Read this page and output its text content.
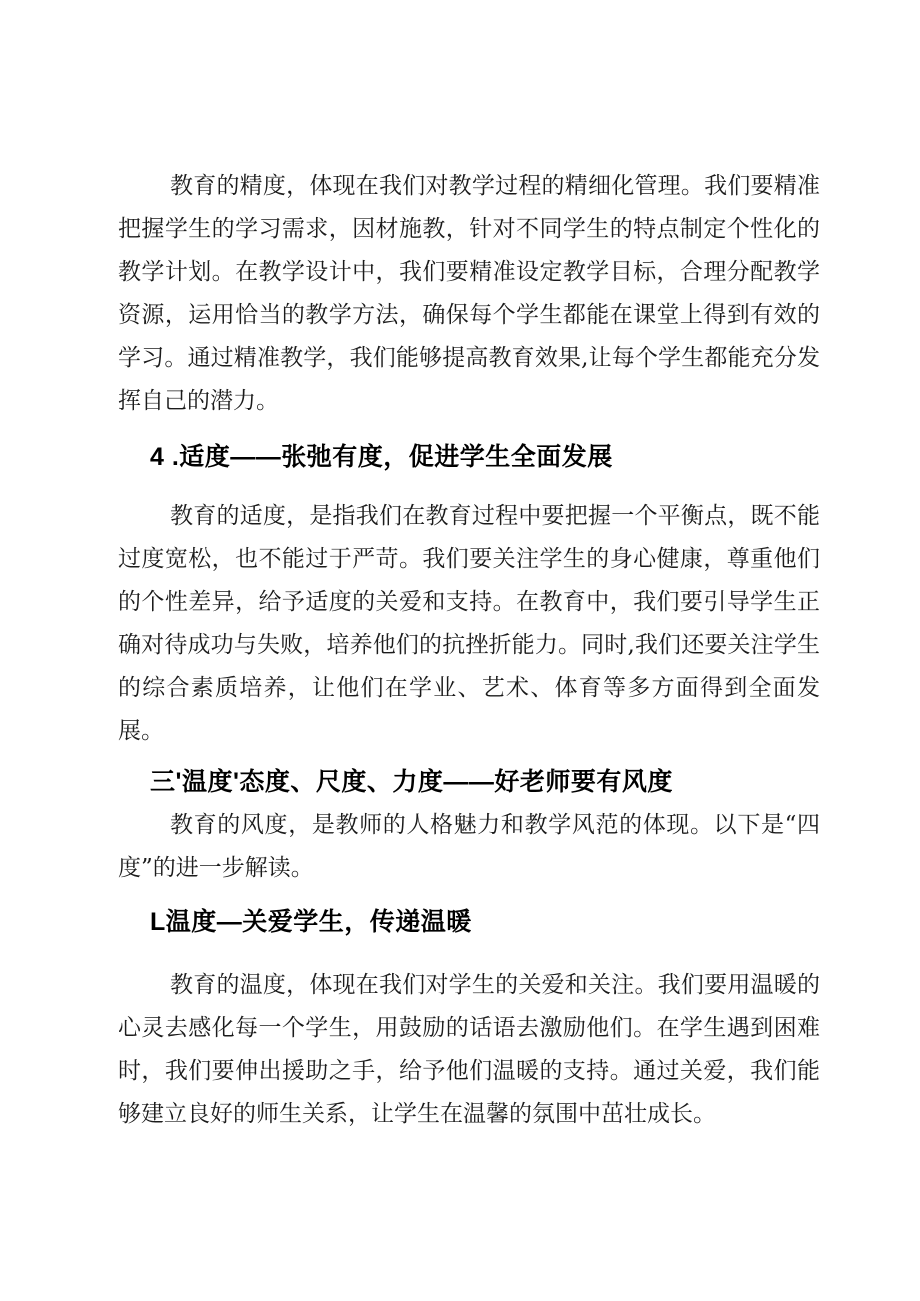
教育的精度，体现在我们对教学过程的精细化管理。我们要精准把握学生的学习需求，因材施教，针对不同学生的特点制定个性化的教学计划。在教学设计中，我们要精准设定教学目标，合理分配教学资源，运用恰当的教学方法，确保每个学生都能在课堂上得到有效的学习。通过精准教学，我们能够提高教育效果,让每个学生都能充分发挥自己的潜力。

4 .适度——张弛有度，促进学生全面发展

教育的适度，是指我们在教育过程中要把握一个平衡点，既不能过度宽松，也不能过于严苛。我们要关注学生的身心健康，尊重他们的个性差异，给予适度的关爱和支持。在教育中，我们要引导学生正确对待成功与失败，培养他们的抗挫折能力。同时,我们还要关注学生的综合素质培养，让他们在学业、艺术、体育等多方面得到全面发展。

三'温度'态度、尺度、力度——好老师要有风度

教育的风度，是教师的人格魅力和教学风范的体现。以下是“四度”的进一步解读。

L温度—关爱学生，传递温暖

教育的温度，体现在我们对学生的关爱和关注。我们要用温暖的心灵去感化每一个学生，用鼓励的话语去激励他们。在学生遇到困难时，我们要伸出援助之手，给予他们温暖的支持。通过关爱，我们能够建立良好的师生关系，让学生在温馨的氛围中茁壮成长。
